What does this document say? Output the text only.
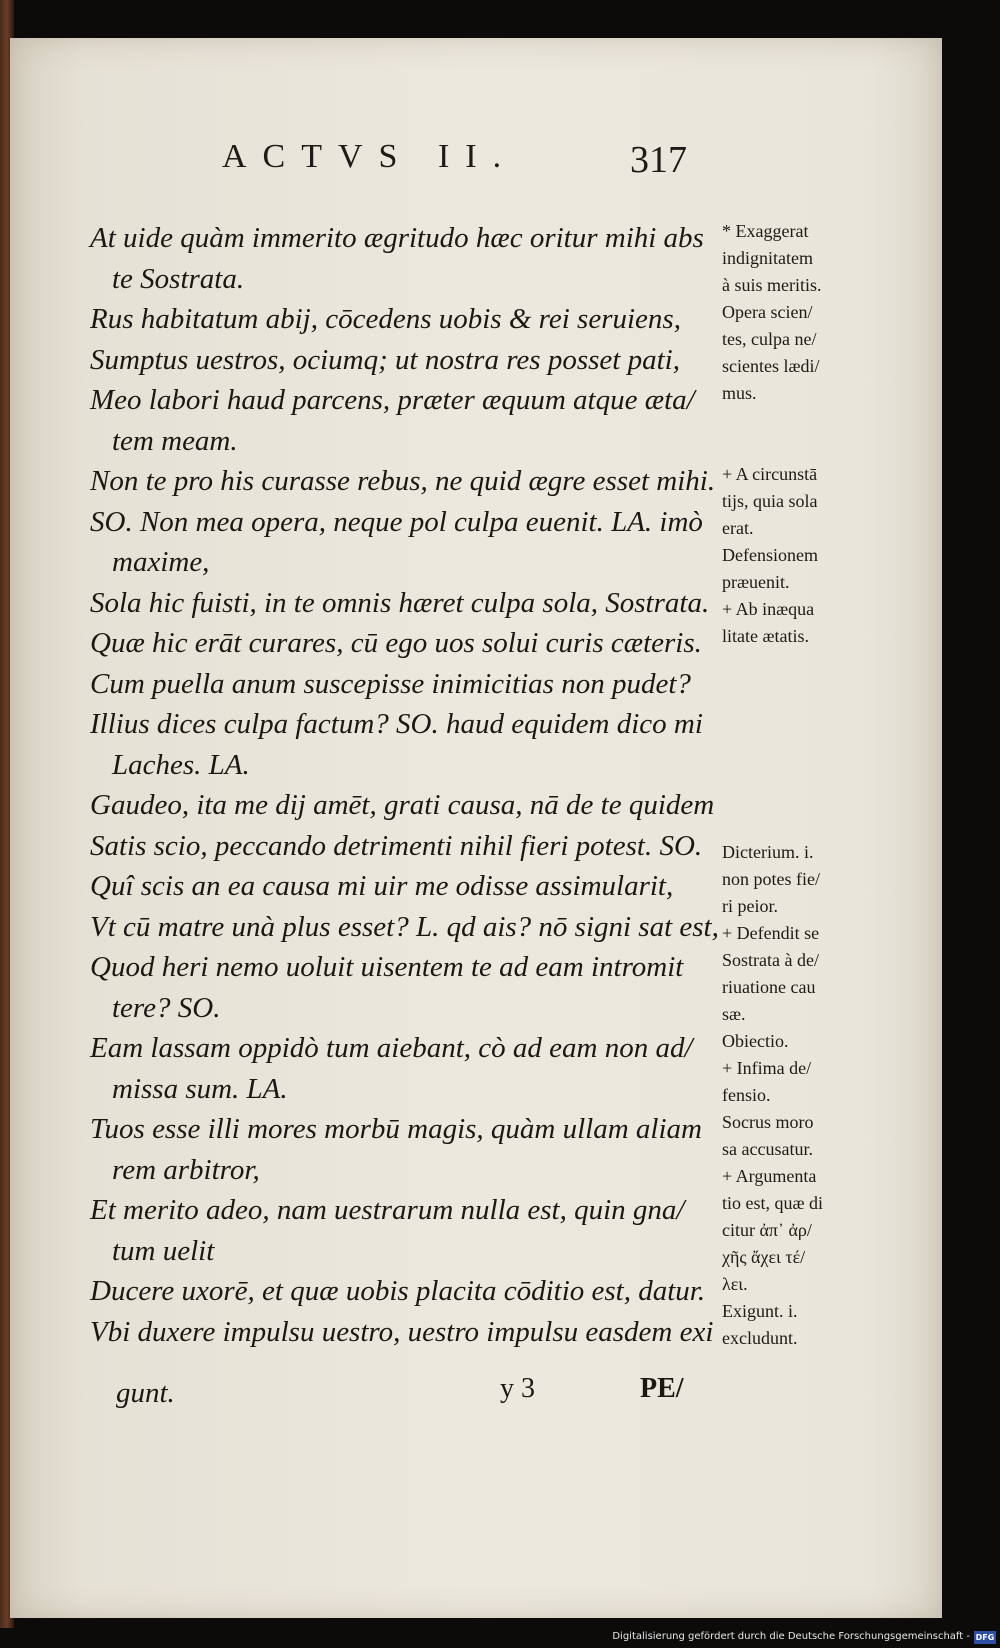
ACTVS II.	317
At uide quàm immerito ægritudo hæc oritur mihi abs
te Sostrata.
Rus habitatum abij, cōcedens uobis & rei seruiens,
Sumptus uestros, ociumq; ut nostra res posset pati,
Meo labori haud parcens, præter æquum atque æta/
tem meam.
Non te pro his curasse rebus, ne quid ægre esset mihi.
SO. Non mea opera, neque pol culpa euenit. LA. imò
maxime,
Sola hic fuisti, in te omnis hæret culpa sola, Sostrata.
Quæ hic erāt curares, cū ego uos solui curis cæteris.
Cum puella anum suscepisse inimicitias non pudet?
Illius dices culpa factum? SO. haud equidem dico mi
Laches. LA.
Gaudeo, ita me dij amēt, grati causa, nā de te quidem
Satis scio, peccando detrimenti nihil fieri potest. SO.
Quî scis an ea causa mi uir me odisse assimularit,
Vt cū matre unà plus esset? L. qd ais? nō signi sat est,
Quod heri nemo uoluit uisentem te ad eam intromit
tere? SO.
Eam lassam oppidò tum aiebant, cò ad eam non ad/
missa sum. LA.
Tuos esse illi mores morbū magis, quàm ullam aliam
rem arbitror,
Et merito adeo, nam uestrarum nulla est, quin gna/
tum uelit
Ducere uxorē, et quæ uobis placita cōditio est, datur.
Vbi duxere impulsu uestro, uestro impulsu easdem exi
gunt.	y 3	PE/
* Exaggerat
indignitatem
à suis meritis.
Opera scien/
tes, culpa ne/
scientes lædi/
mus.

+ A circunstā
tijs, quia sola
erat.
Defensionem
præuenit.
+ Ab inæqua
litate ætatis.

Dicterium. i.
non potes fie/
ri peior.
+ Defendit se
Sostrata à de/
riuatione cau
sæ.
Obiectio.
+ Infima de/
fensio.
Socrus moro
sa accusatur.
+ Argumenta
tio est, quæ di
citur ἀπ᾽ ἀρ/
χῆς ἄχει τέ/
λει.
Exigunt. i.
excludunt.
Digitalisierung gefördert durch die Deutsche Forschungsgemeinschaft - DFG
